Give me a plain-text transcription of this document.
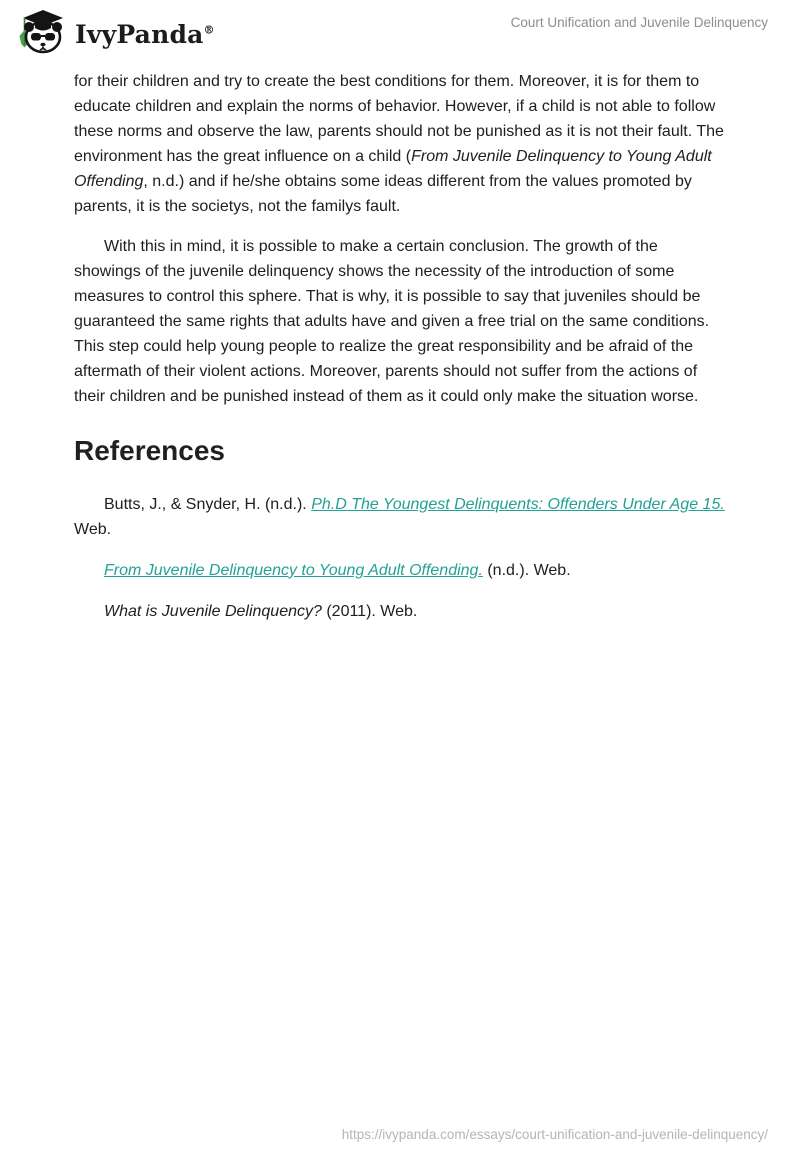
IvyPanda®
Court Unification and Juvenile Delinquency

for their children and try to create the best conditions for them. Moreover, it is for them to educate children and explain the norms of behavior. However, if a child is not able to follow these norms and observe the law, parents should not be punished as it is not their fault. The environment has the great influence on a child (From Juvenile Delinquency to Young Adult Offending, n.d.) and if he/she obtains some ideas different from the values promoted by parents, it is the societys, not the familys fault.

With this in mind, it is possible to make a certain conclusion. The growth of the showings of the juvenile delinquency shows the necessity of the introduction of some measures to control this sphere. That is why, it is possible to say that juveniles should be guaranteed the same rights that adults have and given a free trial on the same conditions. This step could help young people to realize the great responsibility and be afraid of the aftermath of their violent actions. Moreover, parents should not suffer from the actions of their children and be punished instead of them as it could only make the situation worse.

References

Butts, J., & Snyder, H. (n.d.). Ph.D The Youngest Delinquents: Offenders Under Age 15. Web.

From Juvenile Delinquency to Young Adult Offending. (n.d.). Web.

What is Juvenile Delinquency? (2011). Web.

https://ivypanda.com/essays/court-unification-and-juvenile-delinquency/
